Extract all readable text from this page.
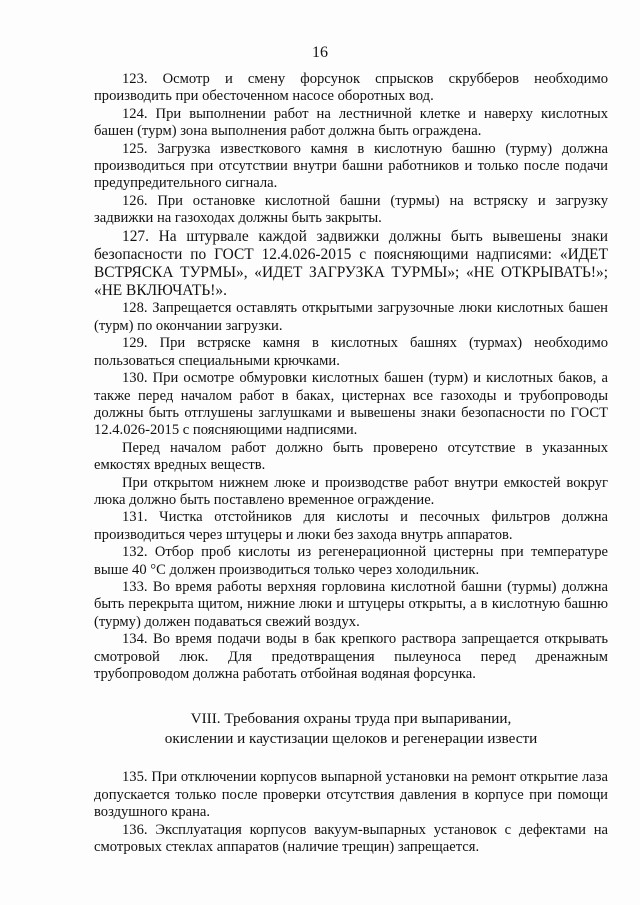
16

123. Осмотр и смену форсунок спрысков скрубберов необходимо производить при обесточенном насосе оборотных вод.

124. При выполнении работ на лестничной клетке и наверху кислотных башен (турм) зона выполнения работ должна быть ограждена.

125. Загрузка известкового камня в кислотную башню (турму) должна производиться при отсутствии внутри башни работников и только после подачи предупредительного сигнала.

126. При остановке кислотной башни (турмы) на встряску и загрузку задвижки на газоходах должны быть закрыты.

127. На штурвале каждой задвижки должны быть вывешены знаки безопасности по ГОСТ 12.4.026-2015 с поясняющими надписями: «ИДЕТ ВСТРЯСКА ТУРМЫ», «ИДЕТ ЗАГРУЗКА ТУРМЫ»; «НЕ ОТКРЫВАТЬ!»; «НЕ ВКЛЮЧАТЬ!».

128. Запрещается оставлять открытыми загрузочные люки кислотных башен (турм) по окончании загрузки.

129. При встряске камня в кислотных башнях (турмах) необходимо пользоваться специальными крючками.

130. При осмотре обмуровки кислотных башен (турм) и кислотных баков, а также перед началом работ в баках, цистернах все газоходы и трубопроводы должны быть отглушены заглушками и вывешены знаки безопасности по ГОСТ 12.4.026-2015 с поясняющими надписями.

Перед началом работ должно быть проверено отсутствие в указанных емкостях вредных веществ.

При открытом нижнем люке и производстве работ внутри емкостей вокруг люка должно быть поставлено временное ограждение.

131. Чистка отстойников для кислоты и песочных фильтров должна производиться через штуцеры и люки без захода внутрь аппаратов.

132. Отбор проб кислоты из регенерационной цистерны при температуре выше 40 °С должен производиться только через холодильник.

133. Во время работы верхняя горловина кислотной башни (турмы) должна быть перекрыта щитом, нижние люки и штуцеры открыты, а в кислотную башню (турму) должен подаваться свежий воздух.

134. Во время подачи воды в бак крепкого раствора запрещается открывать смотровой люк. Для предотвращения пылеуноса перед дренажным трубопроводом должна работать отбойная водяная форсунка.

VIII. Требования охраны труда при выпаривании,
окислении и каустизации щелоков и регенерации извести

135. При отключении корпусов выпарной установки на ремонт открытие лаза допускается только после проверки отсутствия давления в корпусе при помощи воздушного крана.

136. Эксплуатация корпусов вакуум-выпарных установок с дефектами на смотровых стеклах аппаратов (наличие трещин) запрещается.
